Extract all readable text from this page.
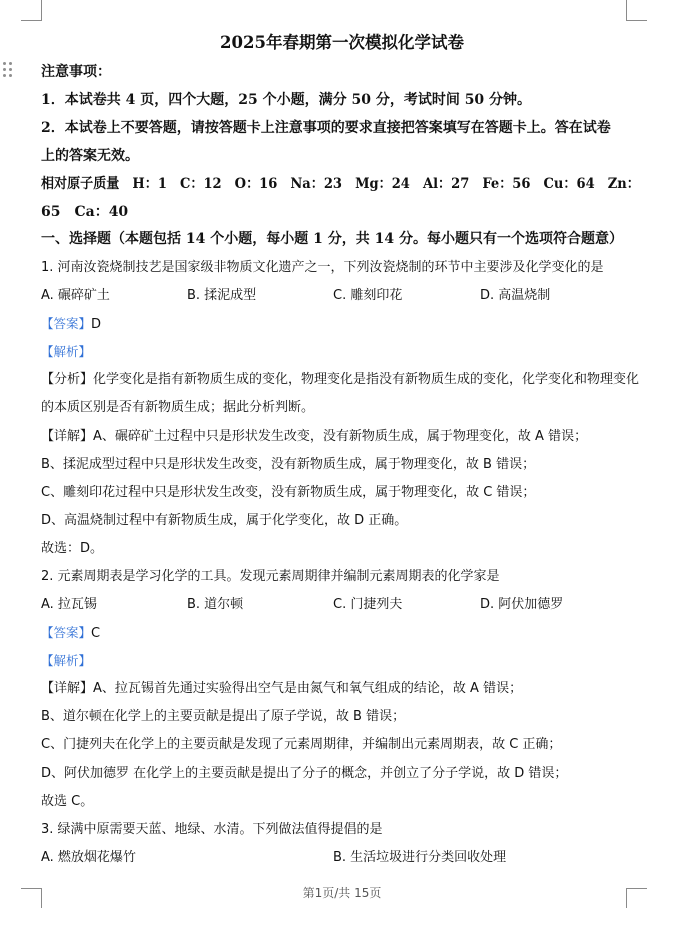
2025年春期第一次模拟化学试卷
注意事项：
1．本试卷共 4 页，四个大题，25 个小题，满分 50 分，考试时间 50 分钟。
2．本试卷上不要答题，请按答题卡上注意事项的要求直接把答案填写在答题卡上。答在试卷
上的答案无效。
相对原子质量　H：1　C：12　O：16　Na：23　Mg：24　Al：27　Fe：56　Cu：64　Zn：
65　Ca：40
一、选择题（本题包括 14 个小题，每小题 1 分，共 14 分。每小题只有一个选项符合题意）
1. 河南汝瓷烧制技艺是国家级非物质文化遗产之一，下列汝瓷烧制的环节中主要涉及化学变化的是
A. 碾碎矿土	B. 揉泥成型	C. 雕刻印花	D. 高温烧制
【答案】D
【解析】
【分析】化学变化是指有新物质生成的变化，物理变化是指没有新物质生成的变化，化学变化和物理变化
的本质区别是否有新物质生成；据此分析判断。
【详解】A、碾碎矿土过程中只是形状发生改变，没有新物质生成，属于物理变化，故 A 错误；
B、揉泥成型过程中只是形状发生改变，没有新物质生成，属于物理变化，故 B 错误；
C、雕刻印花过程中只是形状发生改变，没有新物质生成，属于物理变化，故 C 错误；
D、高温烧制过程中有新物质生成，属于化学变化，故 D 正确。
故选：D。
2. 元素周期表是学习化学的工具。发现元素周期律并编制元素周期表的化学家是
A. 拉瓦锡	B. 道尔顿	C. 门捷列夫	D. 阿伏加德罗
【答案】C
【解析】
【详解】A、拉瓦锡首先通过实验得出空气是由氮气和氧气组成的结论，故 A 错误；
B、道尔顿在化学上的主要贡献是提出了原子学说，故 B 错误；
C、门捷列夫在化学上的主要贡献是发现了元素周期律，并编制出元素周期表，故 C 正确；
D、阿伏加德罗 在化学上的主要贡献是提出了分子的概念，并创立了分子学说，故 D 错误；
故选 C。
3. 绿满中原需要天蓝、地绿、水清。下列做法值得提倡的是
A. 燃放烟花爆竹	B. 生活垃圾进行分类回收处理
第1页/共 15页
